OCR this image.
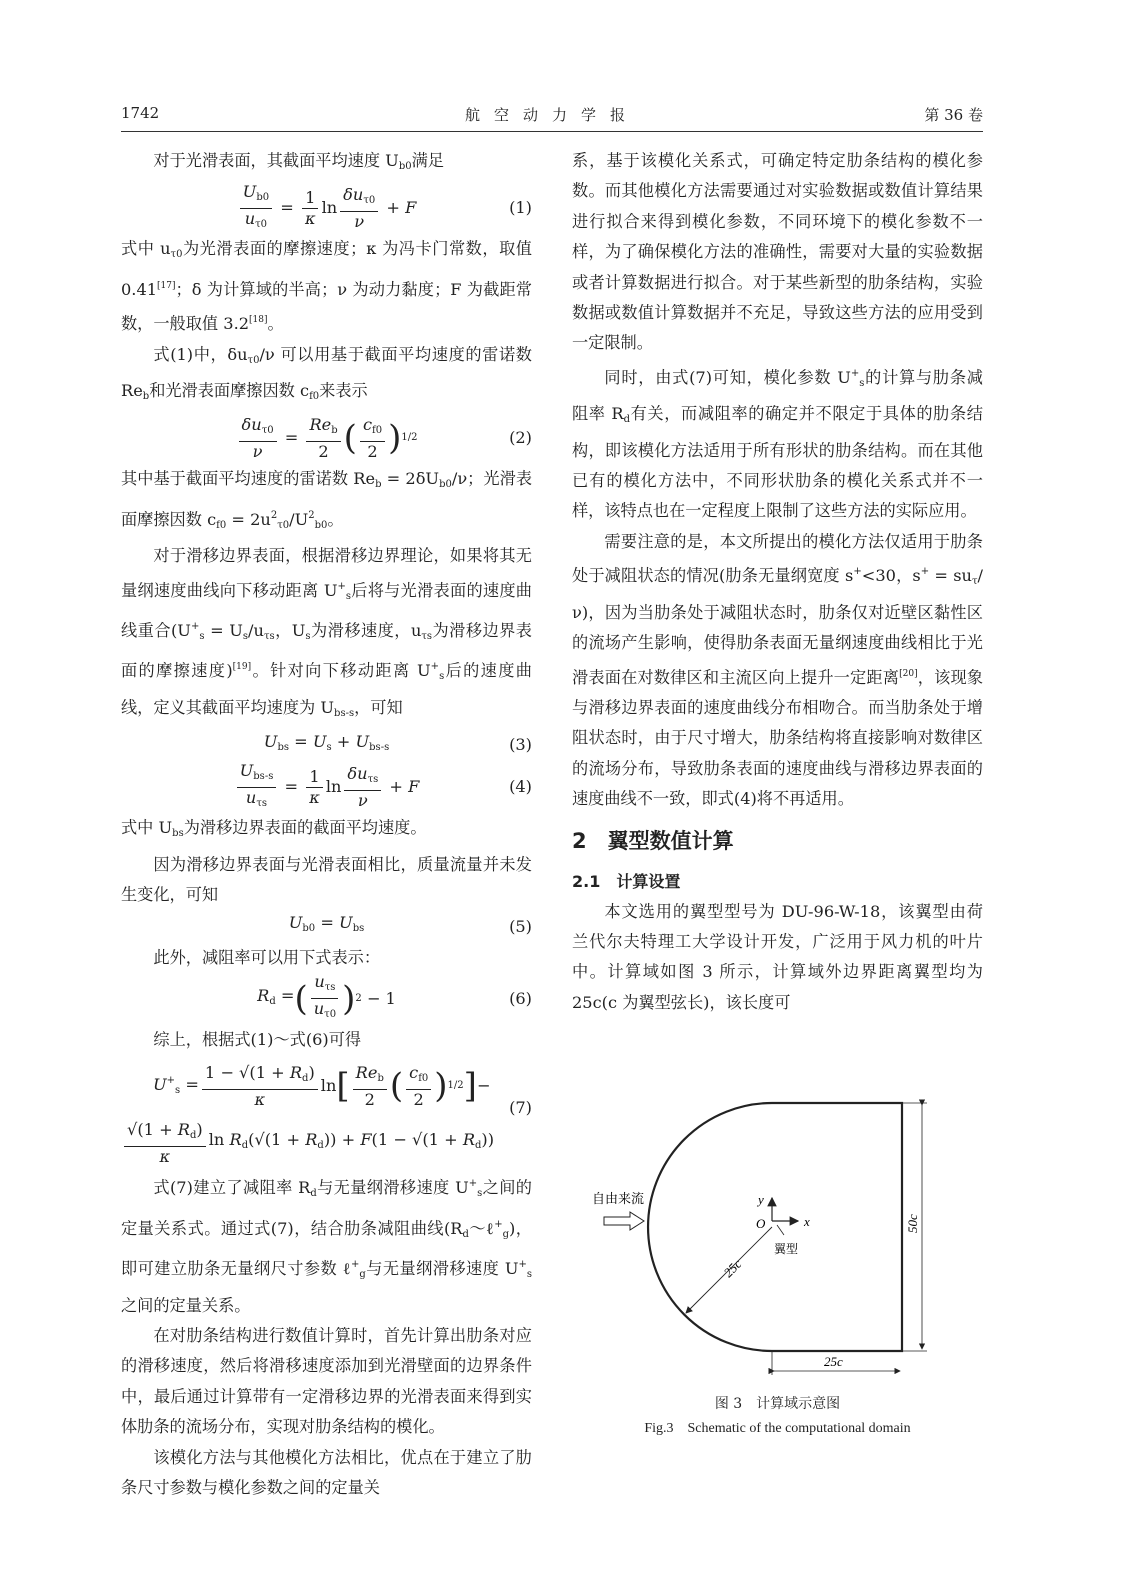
1742	航空动力学报	第 36 卷

对于光滑表面，其截面平均速度 $U_{b0}$满足

$\frac{U_{b0}}{u_{\tau 0}} = \frac{1}{\kappa}$ $\ln \frac{\delta u_{\tau 0}}{\nu} + F$	(1)

式中 $u_{\tau 0}$为光滑表面的摩擦速度；κ 为冯卡门常数，取值 0.41[17]；δ 为计算域的半高；ν 为动力黏度；F 为截距常数，一般取值 3.2[18]。

式(1)中，$\delta u_{\tau 0}/\nu$ 可以用基于截面平均速度的雷诺数 $Re_b$和光滑表面摩擦因数 $c_{f0}$来表示

$\frac{\delta u_{\tau 0}}{\nu} = \frac{Re_b}{2}$ ( $\frac{c_{f0}}{2}$ ) 1/2	(2)

其中基于截面平均速度的雷诺数 $Re_b = 2\delta U_{b0}/\nu$；光滑表面摩擦因数 $c_{f0} = 2u^2_{\tau 0}/U^2_{b0}$。

对于滑移边界表面，根据滑移边界理论，如果将其无量纲速度曲线向下移动距离 $U^+_s$后将与光滑表面的速度曲线重合($U^+_s = U_s/u_{\tau s}$，$U_s$为滑移速度，$u_{\tau s}$为滑移边界表面的摩擦速度)[19]。针对向下移动距离 $U^+_s$后的速度曲线，定义其截面平均速度为 $U_{bs-s}$，可知

$U_{bs} = U_s + U_{bs-s}$	(3)
$\frac{U_{bs-s}}{u_{\tau s}} = \frac{1}{\kappa}$ $\ln \frac{\delta u_{\tau s}}{\nu} + F$	(4)

式中 $U_{bs}$为滑移边界表面的截面平均速度。

因为滑移边界表面与光滑表面相比，质量流量并未发生变化，可知

$U_{b0} = U_{bs}$	(5)

此外，减阻率可以用下式表示：

$R_d$ = ( $\frac{u_{\tau s}}{u_{\tau 0}}$ ) 2 − 1	(6)

综上，根据式(1)～式(6)可得

$U^+_s = \frac{1 - √(1 + R_d)}{\kappa}$ ln [ $\frac{Re_b}{2}$ ( $\frac{c_{f0}}{2}$ ) 1/2 ] −
(7)
$\frac{√(1 + R_d)}{\kappa}$ $\ln R_d(√(1 + R_d)) + F(1 - √(1 + R_d))$

式(7)建立了减阻率 $R_d$与无量纲滑移速度 $U^+_s$之间的定量关系式。通过式(7)，结合肋条减阻曲线$(R_d\sim\ell^+_g)$，即可建立肋条无量纲尺寸参数 ℓ+$_g$与无量纲滑移速度 $U^+_s$之间的定量关系。

在对肋条结构进行数值计算时，首先计算出肋条对应的滑移速度，然后将滑移速度添加到光滑壁面的边界条件中，最后通过计算带有一定滑移边界的光滑表面来得到实体肋条的流场分布，实现对肋条结构的模化。

该模化方法与其他模化方法相比，优点在于建立了肋条尺寸参数与模化参数之间的定量关

系，基于该模化关系式，可确定特定肋条结构的模化参数。而其他模化方法需要通过对实验数据或数值计算结果进行拟合来得到模化参数，不同环境下的模化参数不一样，为了确保模化方法的准确性，需要对大量的实验数据或者计算数据进行拟合。对于某些新型的肋条结构，实验数据或数值计算数据并不充足，导致这些方法的应用受到一定限制。

同时，由式(7)可知，模化参数 $U^+_s$的计算与肋条减阻率 $R_d$有关，而减阻率的确定并不限定于具体的肋条结构，即该模化方法适用于所有形状的肋条结构。而在其他已有的模化方法中，不同形状肋条的模化关系式并不一样，该特点也在一定程度上限制了这些方法的实际应用。

需要注意的是，本文所提出的模化方法仅适用于肋条处于减阻状态的情况(肋条无量纲宽度 s+<30，$s^+ = su_\tau/\nu$)，因为当肋条处于减阻状态时，肋条仅对近壁区黏性区的流场产生影响，使得肋条表面无量纲速度曲线相比于光滑表面在对数律区和主流区向上提升一定距离[20]，该现象与滑移边界表面的速度曲线分布相吻合。而当肋条处于增阻状态时，由于尺寸增大，肋条结构将直接影响对数律区的流场分布，导致肋条表面的速度曲线与滑移边界表面的速度曲线不一致，即式(4)将不再适用。

2　翼型数值计算
2.1　计算设置

本文选用的翼型型号为 DU-96-W-18，该翼型由荷兰代尔夫特理工大学设计开发，广泛用于风力机的叶片中。计算域如图 3 所示，计算域外边界距离翼型均为 25c(c 为翼型弦长)，该长度可

50c
25c
25c
y
x
O
翼型
自由来流
图 3　计算域示意图
Fig.3　Schematic of the computational domain
